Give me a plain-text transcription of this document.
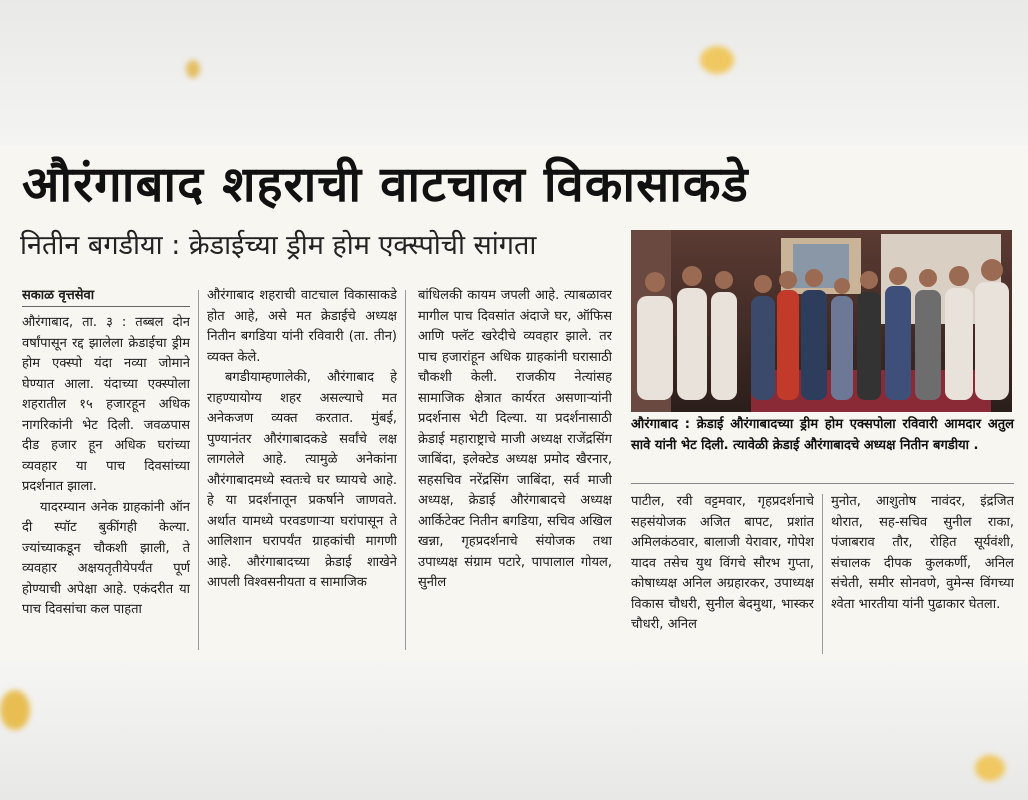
औरंगाबाद शहराची वाटचाल विकासाकडे
नितीन बगडीया : क्रेडाईच्या ड्रीम होम एक्स्पोची सांगता
सकाळ वृत्तसेवा

औरंगाबाद, ता. ३ : तब्बल दोन वर्षांपासून रद्द झालेला क्रेडाईचा ड्रीम होम एक्स्पो यंदा नव्या जोमाने घेण्यात आला. यंदाच्या एक्स्पोला शहरातील १५ हजारहून अधिक नागरिकांनी भेट दिली. जवळपास दीड हजार हून अधिक घरांच्या व्यवहार या पाच दिवसांच्या प्रदर्शनात झाला.

यादरम्यान अनेक ग्राहकांनी ऑन दी स्पॉट बुकींगही केल्या. ज्यांच्याकडून चौकशी झाली, ते व्यवहार अक्षयतृतीयेपर्यंत पूर्ण होण्याची अपेक्षा आहे. एकंदरीत या पाच दिवसांचा कल पाहता

औरंगाबाद शहराची वाटचाल विकासाकडे होत आहे, असे मत क्रेडाईचे अध्यक्ष नितीन बगडिया यांनी रविवारी (ता. तीन) व्यक्त केले.

बगडीयाम्हणालेकी, औरंगाबाद हे राहण्यायोग्य शहर असल्याचे मत अनेकजण व्यक्त करतात. मुंबई, पुण्यानंतर औरंगाबादकडे सर्वांचे लक्ष लागलेले आहे. त्यामुळे अनेकांना औरंगाबादमध्ये स्वतःचे घर घ्यायचे आहे. हे या प्रदर्शनातून प्रकर्षाने जाणवते. अर्थात यामध्ये परवडणाऱ्या घरांपासून ते आलिशान घरापर्यंत ग्राहकांची मागणी आहे. औरंगाबादच्या क्रेडाई शाखेने आपली विश्वसनीयता व सामाजिक

बांधिलकी कायम जपली आहे. त्याबळावर मागील पाच दिवसांत अंदाजे घर, ऑफिस आणि फ्लॅट खरेदीचे व्यवहार झाले. तर पाच हजारांहून अधिक ग्राहकांनी घरासाठी चौकशी केली. राजकीय नेत्यांसह सामाजिक क्षेत्रात कार्यरत असणाऱ्यांनी प्रदर्शनास भेटी दिल्या. या प्रदर्शनासाठी क्रेडाई महाराष्ट्राचे माजी अध्यक्ष राजेंद्रसिंग जाबिंदा, इलेक्टेड अध्यक्ष प्रमोद खैरनार, सहसचिव नरेंद्रसिंग जाबिंदा, सर्व माजी अध्यक्ष, क्रेडाई औरंगाबादचे अध्यक्ष आर्किटेक्ट नितीन बगडिया, सचिव अखिल खन्ना, गृहप्रदर्शनाचे संयोजक तथा उपाध्यक्ष संग्राम पटारे, पापालाल गोयल, सुनील

औरंगाबाद : क्रेडाई औरंगाबादच्या ड्रीम होम एक्सपोला रविवारी आमदार अतुल सावे यांनी भेट दिली. त्यावेळी क्रेडाई औरंगाबादचे अध्यक्ष नितीन बगडीया .

पाटील, रवी वट्टमवार, गृहप्रदर्शनाचे सहसंयोजक अजित बापट, प्रशांत अमिलकंठवार, बालाजी येरावार, गोपेश यादव तसेच युथ विंगचे सौरभ गुप्ता, कोषाध्यक्ष अनिल अग्रहारकर, उपाध्यक्ष विकास चौधरी, सुनील बेदमुथा, भास्कर चौधरी, अनिल

मुनोत, आशुतोष नावंदर, इंद्रजित थोरात, सह-सचिव सुनील राका, पंजाबराव तौर, रोहित सूर्यवंशी, संचालक दीपक कुलकर्णी, अनिल संचेती, समीर सोनवणे, वुमेन्स विंगच्या श्वेता भारतीया यांनी पुढाकार घेतला.
